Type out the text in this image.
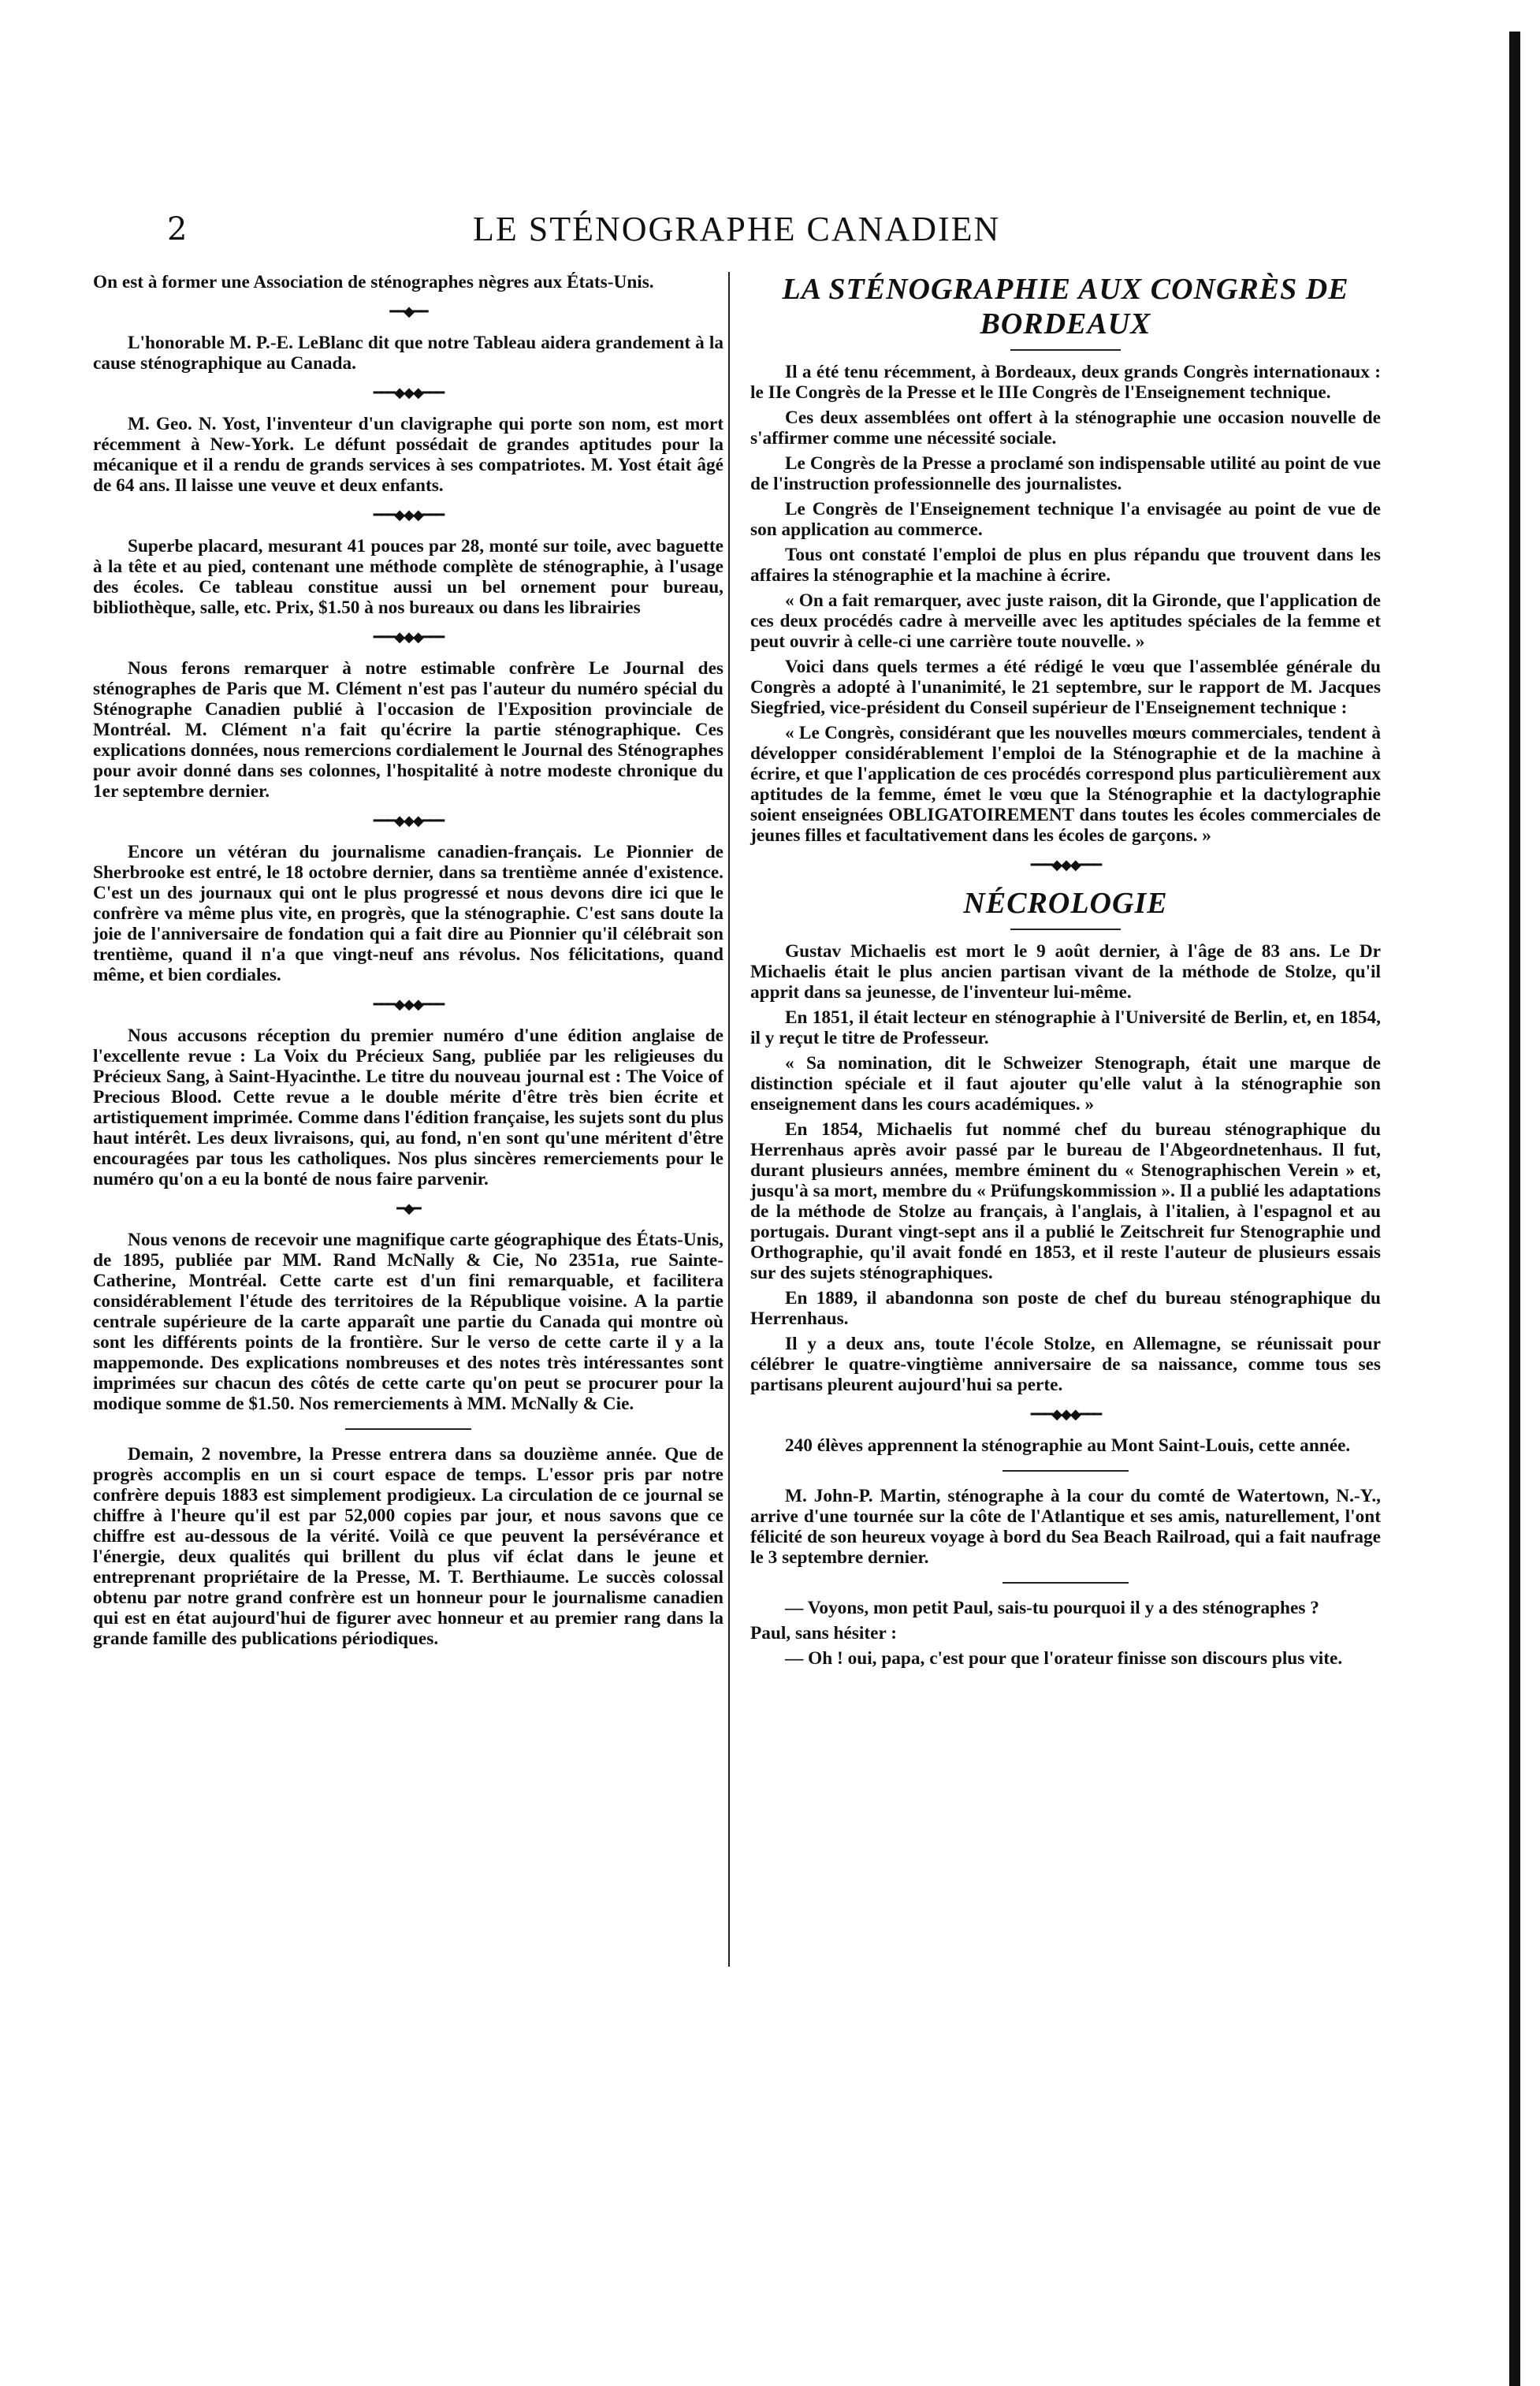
2	LE STÉNOGRAPHE CANADIEN

On est à former une Association de sténographes nègres aux États-Unis.

━━◆━━

L'honorable M. P.-E. LeBlanc dit que notre Tableau aidera grandement à la cause sténographique au Canada.

━━━◆◆◆━━━

M. Geo. N. Yost, l'inventeur d'un clavigraphe qui porte son nom, est mort récemment à New-York. Le défunt possédait de grandes aptitudes pour la mécanique et il a rendu de grands services à ses compatriotes. M. Yost était âgé de 64 ans. Il laisse une veuve et deux enfants.

━━━◆◆◆━━━

Superbe placard, mesurant 41 pouces par 28, monté sur toile, avec baguette à la tête et au pied, contenant une méthode complète de sténographie, à l'usage des écoles. Ce tableau constitue aussi un bel ornement pour bureau, bibliothèque, salle, etc. Prix, $1.50 à nos bureaux ou dans les librairies

━━━◆◆◆━━━

Nous ferons remarquer à notre estimable confrère Le Journal des sténographes de Paris que M. Clément n'est pas l'auteur du numéro spécial du Sténographe Canadien publié à l'occasion de l'Exposition provinciale de Montréal. M. Clément n'a fait qu'écrire la partie sténographique. Ces explications données, nous remercions cordialement le Journal des Sténographes pour avoir donné dans ses colonnes, l'hospitalité à notre modeste chronique du 1er septembre dernier.

━━━◆◆◆━━━

Encore un vétéran du journalisme canadien-français. Le Pionnier de Sherbrooke est entré, le 18 octobre dernier, dans sa trentième année d'existence. C'est un des journaux qui ont le plus progressé et nous devons dire ici que le confrère va même plus vite, en progrès, que la sténographie. C'est sans doute la joie de l'anniversaire de fondation qui a fait dire au Pionnier qu'il célébrait son trentième, quand il n'a que vingt-neuf ans révolus. Nos félicitations, quand même, et bien cordiales.

━━━◆◆◆━━━

Nous accusons réception du premier numéro d'une édition anglaise de l'excellente revue : La Voix du Précieux Sang, publiée par les religieuses du Précieux Sang, à Saint-Hyacinthe. Le titre du nouveau journal est : The Voice of Precious Blood. Cette revue a le double mérite d'être très bien écrite et artistiquement imprimée. Comme dans l'édition française, les sujets sont du plus haut intérêt. Les deux livraisons, qui, au fond, n'en sont qu'une méritent d'être encouragées par tous les catholiques. Nos plus sincères remerciements pour le numéro qu'on a eu la bonté de nous faire parvenir.

━◆━

Nous venons de recevoir une magnifique carte géographique des États-Unis, de 1895, publiée par MM. Rand McNally & Cie, No 2351a, rue Sainte-Catherine, Montréal. Cette carte est d'un fini remarquable, et facilitera considérablement l'étude des territoires de la République voisine. A la partie centrale supérieure de la carte apparaît une partie du Canada qui montre où sont les différents points de la frontière. Sur le verso de cette carte il y a la mappemonde. Des explications nombreuses et des notes très intéressantes sont imprimées sur chacun des côtés de cette carte qu'on peut se procurer pour la modique somme de $1.50. Nos remerciements à MM. McNally & Cie.

Demain, 2 novembre, la Presse entrera dans sa douzième année. Que de progrès accomplis en un si court espace de temps. L'essor pris par notre confrère depuis 1883 est simplement prodigieux. La circulation de ce journal se chiffre à l'heure qu'il est par 52,000 copies par jour, et nous savons que ce chiffre est au-dessous de la vérité. Voilà ce que peuvent la persévérance et l'énergie, deux qualités qui brillent du plus vif éclat dans le jeune et entreprenant propriétaire de la Presse, M. T. Berthiaume. Le succès colossal obtenu par notre grand confrère est un honneur pour le journalisme canadien qui est en état aujourd'hui de figurer avec honneur et au premier rang dans la grande famille des publications périodiques.

LA STÉNOGRAPHIE AUX CONGRÈS DE BORDEAUX

Il a été tenu récemment, à Bordeaux, deux grands Congrès internationaux : le IIe Congrès de la Presse et le IIIe Congrès de l'Enseignement technique.

Ces deux assemblées ont offert à la sténographie une occasion nouvelle de s'affirmer comme une nécessité sociale.

Le Congrès de la Presse a proclamé son indispensable utilité au point de vue de l'instruction professionnelle des journalistes.

Le Congrès de l'Enseignement technique l'a envisagée au point de vue de son application au commerce.

Tous ont constaté l'emploi de plus en plus répandu que trouvent dans les affaires la sténographie et la machine à écrire.

« On a fait remarquer, avec juste raison, dit la Gironde, que l'application de ces deux procédés cadre à merveille avec les aptitudes spéciales de la femme et peut ouvrir à celle-ci une carrière toute nouvelle. »

Voici dans quels termes a été rédigé le vœu que l'assemblée générale du Congrès a adopté à l'unanimité, le 21 septembre, sur le rapport de M. Jacques Siegfried, vice-président du Conseil supérieur de l'Enseignement technique :

« Le Congrès, considérant que les nouvelles mœurs commerciales, tendent à développer considérablement l'emploi de la Sténographie et de la machine à écrire, et que l'application de ces procédés correspond plus particulièrement aux aptitudes de la femme, émet le vœu que la Sténographie et la dactylographie soient enseignées OBLIGATOIREMENT dans toutes les écoles commerciales de jeunes filles et facultativement dans les écoles de garçons. »

━━━◆◆◆━━━
NÉCROLOGIE

Gustav Michaelis est mort le 9 août dernier, à l'âge de 83 ans. Le Dr Michaelis était le plus ancien partisan vivant de la méthode de Stolze, qu'il apprit dans sa jeunesse, de l'inventeur lui-même.

En 1851, il était lecteur en sténographie à l'Université de Berlin, et, en 1854, il y reçut le titre de Professeur.

« Sa nomination, dit le Schweizer Stenograph, était une marque de distinction spéciale et il faut ajouter qu'elle valut à la sténographie son enseignement dans les cours académiques. »

En 1854, Michaelis fut nommé chef du bureau sténographique du Herrenhaus après avoir passé par le bureau de l'Abgeordnetenhaus. Il fut, durant plusieurs années, membre éminent du « Stenographischen Verein » et, jusqu'à sa mort, membre du « Prüfungskommission ». Il a publié les adaptations de la méthode de Stolze au français, à l'anglais, à l'italien, à l'espagnol et au portugais. Durant vingt-sept ans il a publié le Zeitschreit fur Stenographie und Orthographie, qu'il avait fondé en 1853, et il reste l'auteur de plusieurs essais sur des sujets sténographiques.

En 1889, il abandonna son poste de chef du bureau sténographique du Herrenhaus.

Il y a deux ans, toute l'école Stolze, en Allemagne, se réunissait pour célébrer le quatre-vingtième anniversaire de sa naissance, comme tous ses partisans pleurent aujourd'hui sa perte.

━━━◆◆◆━━━

240 élèves apprennent la sténographie au Mont Saint-Louis, cette année.

M. John-P. Martin, sténographe à la cour du comté de Watertown, N.-Y., arrive d'une tournée sur la côte de l'Atlantique et ses amis, naturellement, l'ont félicité de son heureux voyage à bord du Sea Beach Railroad, qui a fait naufrage le 3 septembre dernier.

— Voyons, mon petit Paul, sais-tu pourquoi il y a des sténographes ?

Paul, sans hésiter :

— Oh ! oui, papa, c'est pour que l'orateur finisse son discours plus vite.
